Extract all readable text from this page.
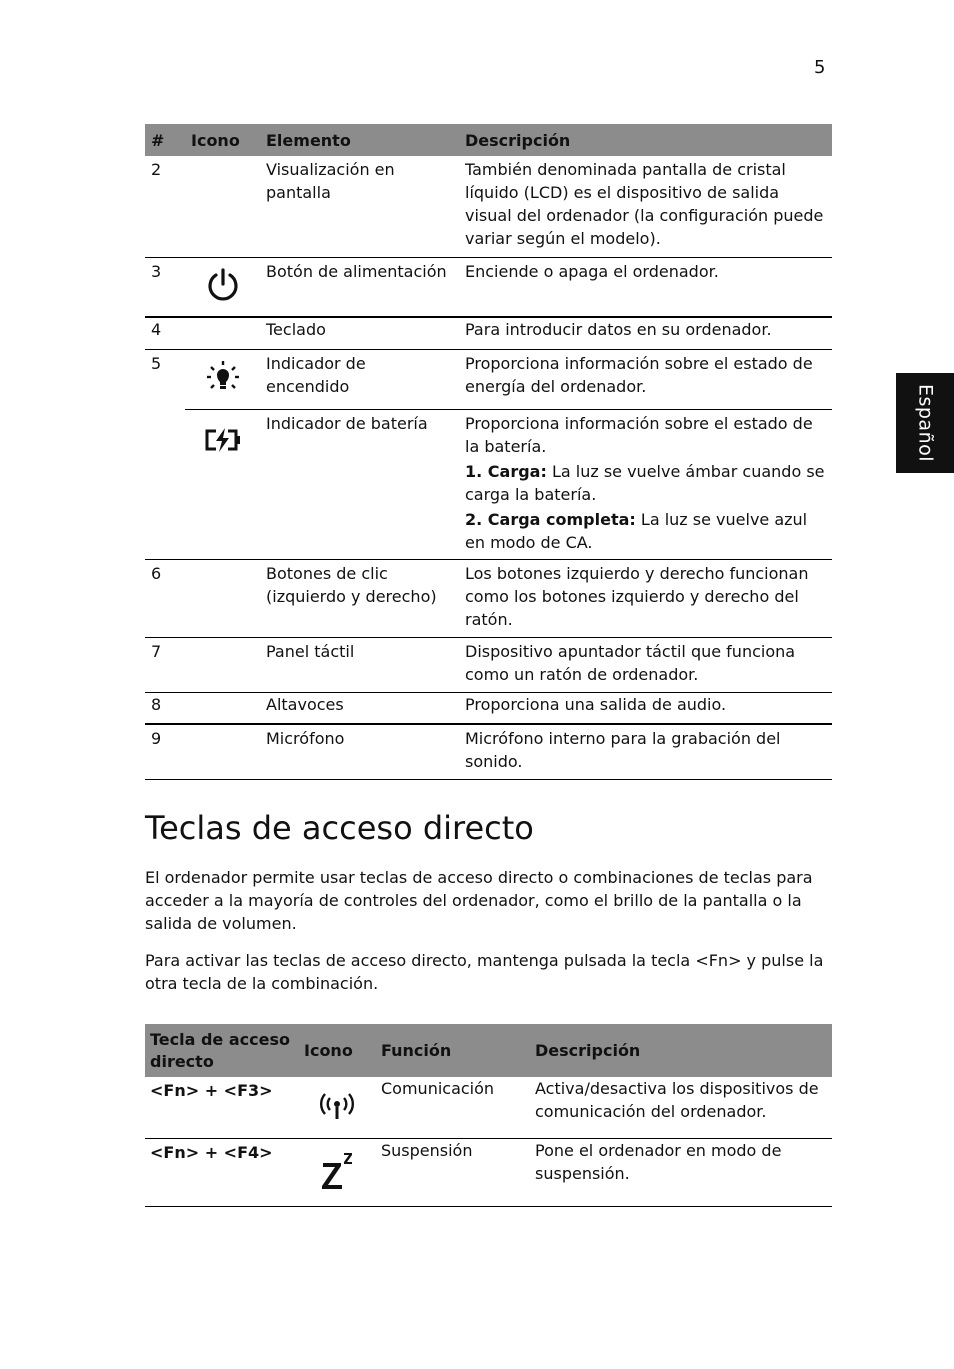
5
Español
#	Icono	Elemento	Descripción
2		Visualización en pantalla	También denominada pantalla de cristal líquido (LCD) es el dispositivo de salida visual del ordenador (la configuración puede variar según el modelo).
3		Botón de alimentación	Enciende o apaga el ordenador.
4		Teclado	Para introducir datos en su ordenador.
5		Indicador de encendido	Proporciona información sobre el estado de energía del ordenador.
		Indicador de batería	Proporciona información sobre el estado de la batería.

1. Carga: La luz se vuelve ámbar cuando se carga la batería.

2. Carga completa: La luz se vuelve azul en modo de CA.

6		Botones de clic (izquierdo y derecho)	Los botones izquierdo y derecho funcionan como los botones izquierdo y derecho del ratón.
7		Panel táctil	Dispositivo apuntador táctil que funciona como un ratón de ordenador.
8		Altavoces	Proporciona una salida de audio.
9		Micrófono	Micrófono interno para la grabación del sonido.
Teclas de acceso directo

El ordenador permite usar teclas de acceso directo o combinaciones de teclas para acceder a la mayoría de controles del ordenador, como el brillo de la pantalla o la salida de volumen.

Para activar las teclas de acceso directo, mantenga pulsada la tecla <Fn> y pulse la otra tecla de la combinación.

Tecla de acceso directo	Icono	Función	Descripción
<Fn> + <F3>		Comunicación	Activa/desactiva los dispositivos de comunicación del ordenador.
<Fn> + <F4>		Suspensión	Pone el ordenador en modo de suspensión.
